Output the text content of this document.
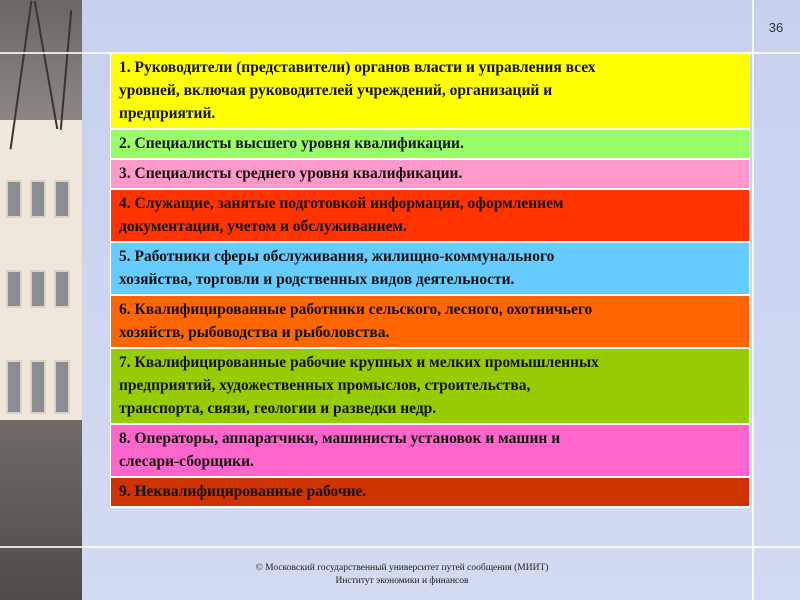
36
1. Руководители (представители) органов власти и управления всех
уровней, включая руководителей учреждений, организаций и
предприятий.
2. Специалисты высшего уровня квалификации.
3. Специалисты среднего уровня квалификации.
4. Служащие, занятые подготовкой информации, оформлением
документации, учетом и обслуживанием.
5. Работники сферы обслуживания, жилищно-коммунального
хозяйства, торговли и родственных видов деятельности.
6. Квалифицированные работники сельского, лесного, охотничьего
хозяйств, рыбоводства и рыболовства.
7. Квалифицированные рабочие крупных и мелких промышленных
предприятий, художественных промыслов, строительства,
транспорта, связи, геологии и разведки недр.
8. Операторы, аппаратчики, машинисты установок и машин и
слесари-сборщики.
9. Неквалифицированные рабочие.
© Московский государственный университет путей сообщения (МИИТ)
Институт экономики и финансов
